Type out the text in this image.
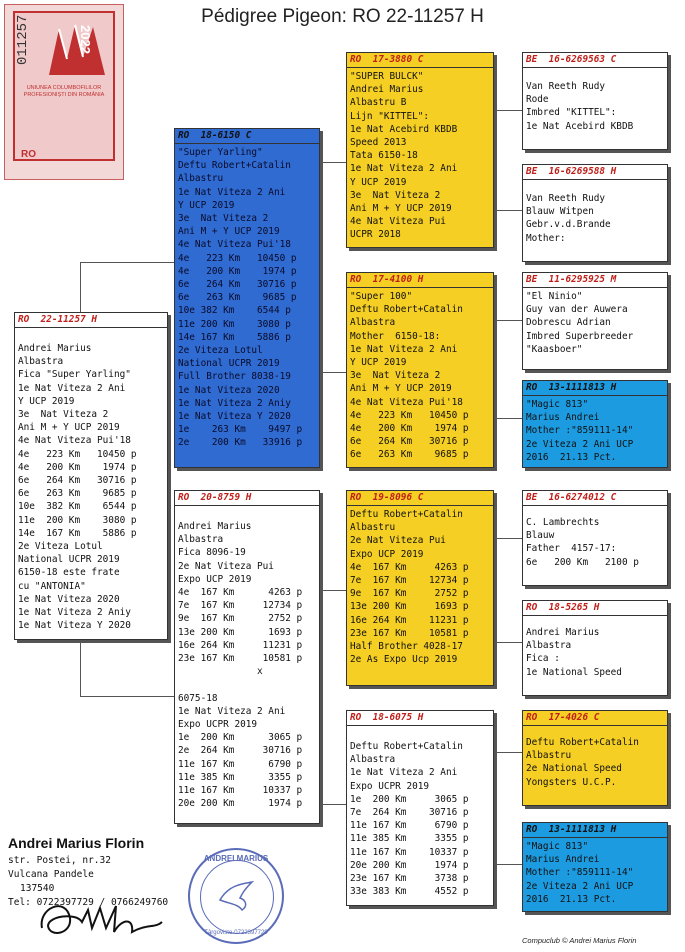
Pédigree Pigeon: RO 22-11257 H
011257	2022
RO
UNIUNEA COLUMBOFILILOR PROFESIONIȘTI DIN ROMÂNIA
RO  22-11257 H
Andrei Marius
Albastra
Fica "Super Yarling"
1e Nat Viteza 2 Ani
Y UCP 2019
3e  Nat Viteza 2
Ani M + Y UCP 2019
4e Nat Viteza Pui'18
4e   223 Km   10450 p
4e   200 Km    1974 p
6e   264 Km   30716 p
6e   263 Km    9685 p
10e  382 Km    6544 p
11e  200 Km    3080 p
14e  167 Km    5886 p
2e Viteza Lotul
National UCPR 2019
6150-18 este frate
cu "ANTONIA"
1e Nat Viteza 2020
1e Nat Viteza 2 Aniy
1e Nat Viteza Y 2020
RO  18-6150 C
"Super Yarling"
Deftu Robert+Catalin
Albastru
1e Nat Viteza 2 Ani
Y UCP 2019
3e  Nat Viteza 2
Ani M + Y UCP 2019
4e Nat Viteza Pui'18
4e   223 Km   10450 p
4e   200 Km    1974 p
6e   264 Km   30716 p
6e   263 Km    9685 p
10e 382 Km    6544 p
11e 200 Km    3080 p
14e 167 Km    5886 p
2e Viteza Lotul
National UCPR 2019
Full Brother 8038-19
1e Nat Viteza 2020
1e Nat Viteza 2 Aniy
1e Nat Viteza Y 2020
1e    263 Km    9497 p
2e    200 Km   33916 p
RO  20-8759 H
Andrei Marius
Albastra
Fica 8096-19
2e Nat Viteza Pui
Expo UCP 2019
4e  167 Km      4263 p
7e  167 Km     12734 p
9e  167 Km      2752 p
13e 200 Km      1693 p
16e 264 Km     11231 p
23e 167 Km     10581 p
x

6075-18
1e Nat Viteza 2 Ani
Expo UCPR 2019
1e  200 Km      3065 p
2e  264 Km     30716 p
11e 167 Km      6790 p
11e 385 Km      3355 p
11e 167 Km     10337 p
20e 200 Km      1974 p
RO  17-3880 C
"SUPER BULCK"
Andrei Marius
Albastru B
Lijn "KITTEL":
1e Nat Acebird KBDB
Speed 2013
Tata 6150-18
1e Nat Viteza 2 Ani
Y UCP 2019
3e  Nat Viteza 2
Ani M + Y UCP 2019
4e Nat Viteza Pui
UCPR 2018
RO  17-4100 H
"Super 100"
Deftu Robert+Catalin
Albastra
Mother  6150-18:
1e Nat Viteza 2 Ani
Y UCP 2019
3e  Nat Viteza 2
Ani M + Y UCP 2019
4e Nat Viteza Pui'18
4e   223 Km   10450 p
4e   200 Km    1974 p
6e   264 Km   30716 p
6e   263 Km    9685 p
RO  19-8096 C
Deftu Robert+Catalin
Albastru
2e Nat Viteza Pui
Expo UCP 2019
4e  167 Km     4263 p
7e  167 Km    12734 p
9e  167 Km     2752 p
13e 200 Km     1693 p
16e 264 Km    11231 p
23e 167 Km    10581 p
Half Brother 4028-17
2e As Expo Ucp 2019
RO  18-6075 H
Deftu Robert+Catalin
Albastra
1e Nat Viteza 2 Ani
Expo UCPR 2019
1e  200 Km     3065 p
7e  264 Km    30716 p
11e 167 Km     6790 p
11e 385 Km     3355 p
11e 167 Km    10337 p
20e 200 Km     1974 p
23e 167 Km     3738 p
33e 383 Km     4552 p
BE  16-6269563 C
Van Reeth Rudy
Rode
Imbred "KITTEL":
1e Nat Acebird KBDB
BE  16-6269588 H
Van Reeth Rudy
Blauw Witpen
Gebr.v.d.Brande
Mother:
BE  11-6295925 M
"El Ninio"
Guy van der Auwera
Dobrescu Adrian
Imbred Superbreeder
"Kaasboer"
RO  13-1111813 H
"Magic 813"
Marius Andrei
Mother :"859111-14"
2e Viteza 2 Ani UCP
2016  21.13 Pct.
BE  16-6274012 C
C. Lambrechts
Blauw
Father  4157-17:
6e   200 Km   2100 p
RO  18-5265 H
Andrei Marius
Albastra
Fica :
1e National Speed
RO  17-4026 C
Deftu Robert+Catalin
Albastru
2e National Speed
Yongsters U.C.P.
RO  13-1111813 H
"Magic 813"
Marius Andrei
Mother :"859111-14"
2e Viteza 2 Ani UCP
2016  21.13 Pct.
Andrei Marius Florin
str. Postei, nr.32
Vulcana Pandele
137540
Tel: 0722397729 / 0766249760
ANDREI MARIUS
Târgoviste-0722397729
Compuclub © Andrei Marius Florin
